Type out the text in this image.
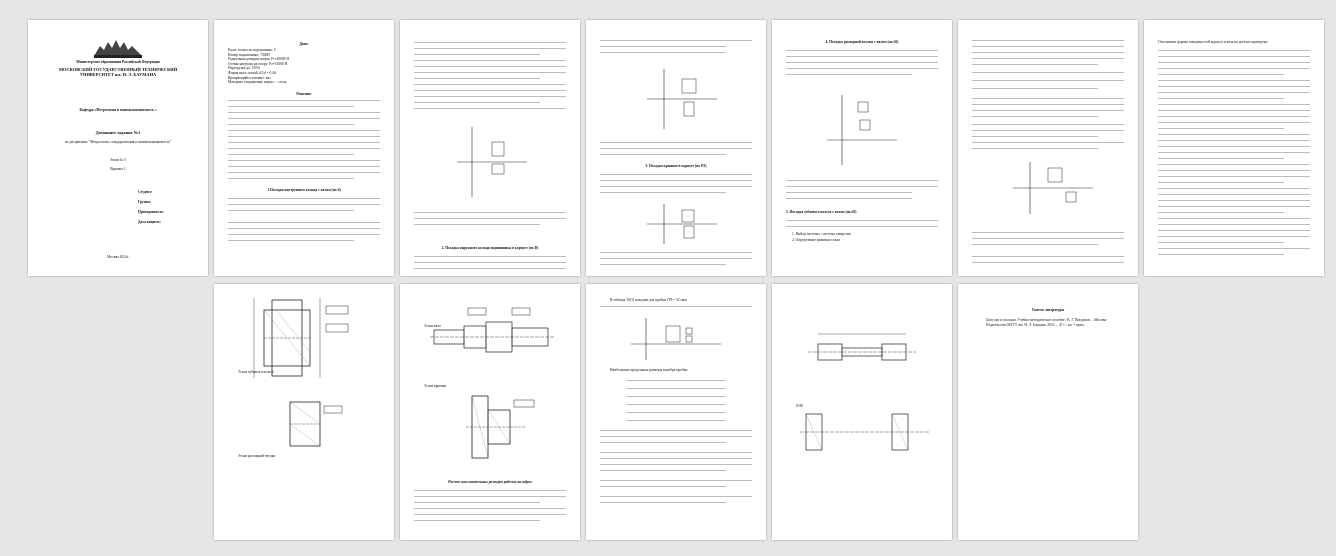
Министерство образования Российской Федерации

МОСКОВСКИЙ ГОСУДАРСТВЕННЫЙ ТЕХНИЧЕСКИЙ УНИВЕРСИТЕТ им. Н. Э. БАУМАНА

Кафедра «Метрология и взаимозаменяемость »

Домашнее задание №1

по дисциплине "Метрология, стандартизация и взаимозаменяемость"

Эскиз № 5

Вариант 1

Студент:

Группа:

Преподаватель:

Дата защиты:

Москва 2024г.

Дано:

Класс точности подшипника: 5

Номер подшипника: 7306Н

Радиальная реакция опоры: Fr=20000 Н

Осевая нагрузка на опору: Fa=15000 Н

Перегрузка до: 150%

Форма вала: полый, d1/d = 0,4d

Вращающийся элемент: вал

Материал сопряжения: корпус – сталь

Решение:

1.Посадка внутреннего кольца с валом (по d)

2. Посадка наружного кольца подшипника в корпусе (по D)

3. Посадка крышки в корпусе (по D1)

4. Посадка распорной втулки с валом (по d2)

5. Посадка зубчатого колеса с валом (по d3)

1. Выбор системы - система отверстия

2. Определение значимого вала

Отклонение формы поверхностей корпуса и вала на деталях приведено

Эскиз зубчатого колеса

Эскиз распорной втулки

Эскиз вала

Эскиз крышки

Расчет исполнительных размеров рабочих калибров

В таблице 10[1] находим для пробки IT9 = 52 мкм

Наибольшие предельные размеры калибра-пробки

Ø 80

Список литературы

Допуски и посадки: Учебно-методическое пособие / К. Г. Пискунов. – Москва: Издательство МГТУ им. Н. Э. Баумана, 2021. – 47 с.: ил. + прил.
